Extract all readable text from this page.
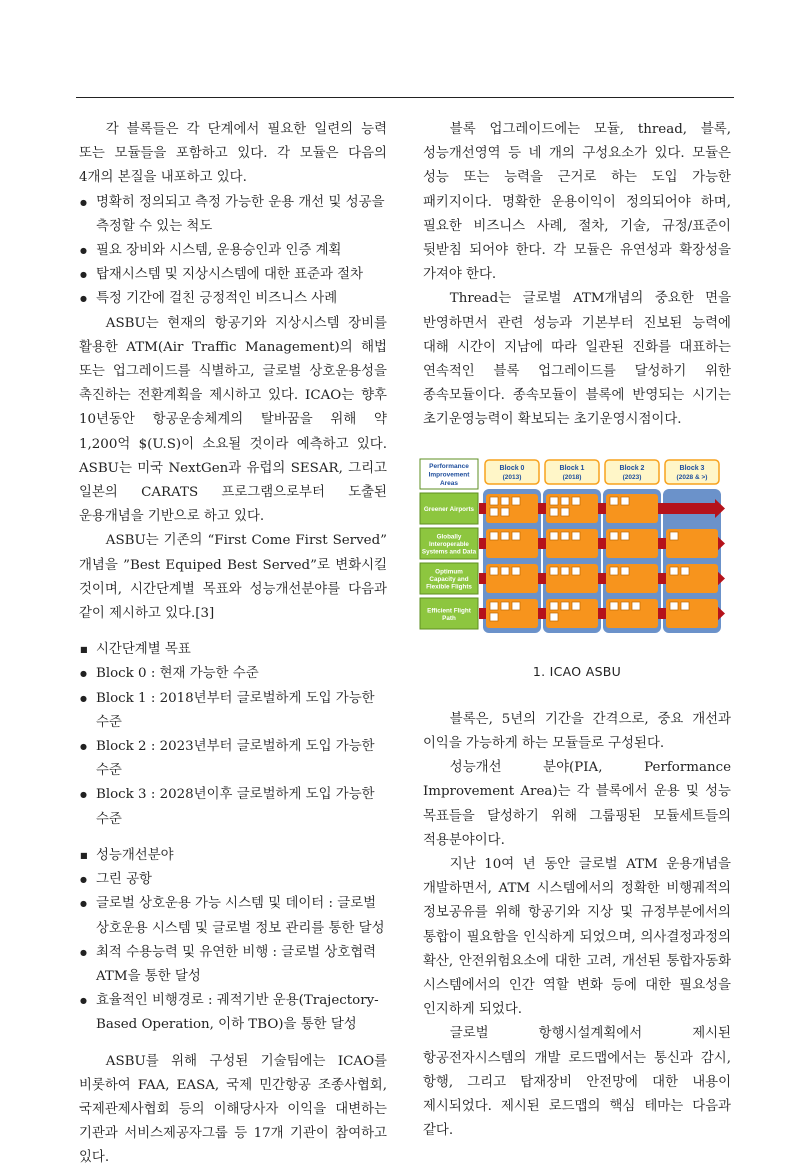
각 블록들은 각 단계에서 필요한 일련의 능력 또는 모듈들을 포함하고 있다. 각 모듈은 다음의 4개의 본질을 내포하고 있다.

● 명확히 정의되고 측정 가능한 운용 개선 및 성공을 측정할 수 있는 척도
● 필요 장비와 시스템, 운용승인과 인증 계획
● 탑재시스템 및 지상시스템에 대한 표준과 절차
● 특정 기간에 걸친 긍정적인 비즈니스 사례

ASBU는 현재의 항공기와 지상시스템 장비를 활용한 ATM(Air Traffic Management)의 해법 또는 업그레이드를 식별하고, 글로벌 상호운용성을 촉진하는 전환계획을 제시하고 있다. ICAO는 향후 10년동안 항공운송체계의 탈바꿈을 위해 약 1,200억 $(U.S)이 소요될 것이라 예측하고 있다. ASBU는 미국 NextGen과 유럽의 SESAR, 그리고 일본의 CARATS 프로그램으로부터 도출된 운용개념을 기반으로 하고 있다.

ASBU는 기존의 “First Come First Served” 개념을 ”Best Equiped Best Served”로 변화시킬 것이며, 시간단계별 목표와 성능개선분야를 다음과 같이 제시하고 있다.[3]

■ 시간단계별 목표
● Block 0 : 현재 가능한 수준
● Block 1 : 2018년부터 글로벌하게 도입 가능한 수준
● Block 2 : 2023년부터 글로벌하게 도입 가능한 수준
● Block 3 : 2028년이후 글로벌하게 도입 가능한 수준
■ 성능개선분야
● 그린 공항
● 글로벌 상호운용 가능 시스템 및 데이터 : 글로벌 상호운용 시스템 및 글로벌 정보 관리를 통한 달성
● 최적 수용능력 및 유연한 비행 : 글로벌 상호협력 ATM을 통한 달성
● 효율적인 비행경로 : 궤적기반 운용(Trajectory-Based Operation, 이하 TBO)을 통한 달성

ASBU를 위해 구성된 기술팀에는 ICAO를 비롯하여 FAA, EASA, 국제 민간항공 조종사협회, 국제관제사협회 등의 이해당사자 이익을 대변하는 기관과 서비스제공자그룹 등 17개 기관이 참여하고 있다.

블록 업그레이드에는 모듈, thread, 블록, 성능개선영역 등 네 개의 구성요소가 있다. 모듈은 성능 또는 능력을 근거로 하는 도입 가능한 패키지이다. 명확한 운용이익이 정의되어야 하며, 필요한 비즈니스 사례, 절차, 기술, 규정/표준이 뒷받침 되어야 한다. 각 모듈은 유연성과 확장성을 가져야 한다.

Thread는 글로벌 ATM개념의 중요한 면을 반영하면서 관련 성능과 기본부터 진보된 능력에 대해 시간이 지남에 따라 일관된 진화를 대표하는 연속적인 블록 업그레이드를 달성하기 위한 종속모듈이다. 종속모듈이 블록에 반영되는 시기는 초기운영능력이 확보되는 초기운영시점이다.

Performance
Improvement
Areas
Block 0
(2013)
Block 1
(2018)
Block 2
(2023)
Block 3
(2028 & >)
Greener Airports
Globally
Interoperable
Systems and Data
Optimum
Capacity and
Flexible Flights
Efficient Flight
Path
1. ICAO ASBU

블록은, 5년의 기간을 간격으로, 중요 개선과 이익을 가능하게 하는 모듈들로 구성된다.

성능개선 분야(PIA, Performance Improvement Area)는 각 블록에서 운용 및 성능 목표들을 달성하기 위해 그룹핑된 모듈세트들의 적용분야이다.

지난 10여 년 동안 글로벌 ATM 운용개념을 개발하면서, ATM 시스템에서의 정확한 비행궤적의 정보공유를 위해 항공기와 지상 및 규정부분에서의 통합이 필요함을 인식하게 되었으며, 의사결정과정의 확산, 안전위험요소에 대한 고려, 개선된 통합자동화 시스템에서의 인간 역할 변화 등에 대한 필요성을 인지하게 되었다.

글로벌 항행시설계획에서 제시된 항공전자시스템의 개발 로드맵에서는 통신과 감시, 항행, 그리고 탑재장비 안전망에 대한 내용이 제시되었다. 제시된 로드맵의 핵심 테마는 다음과 같다.
